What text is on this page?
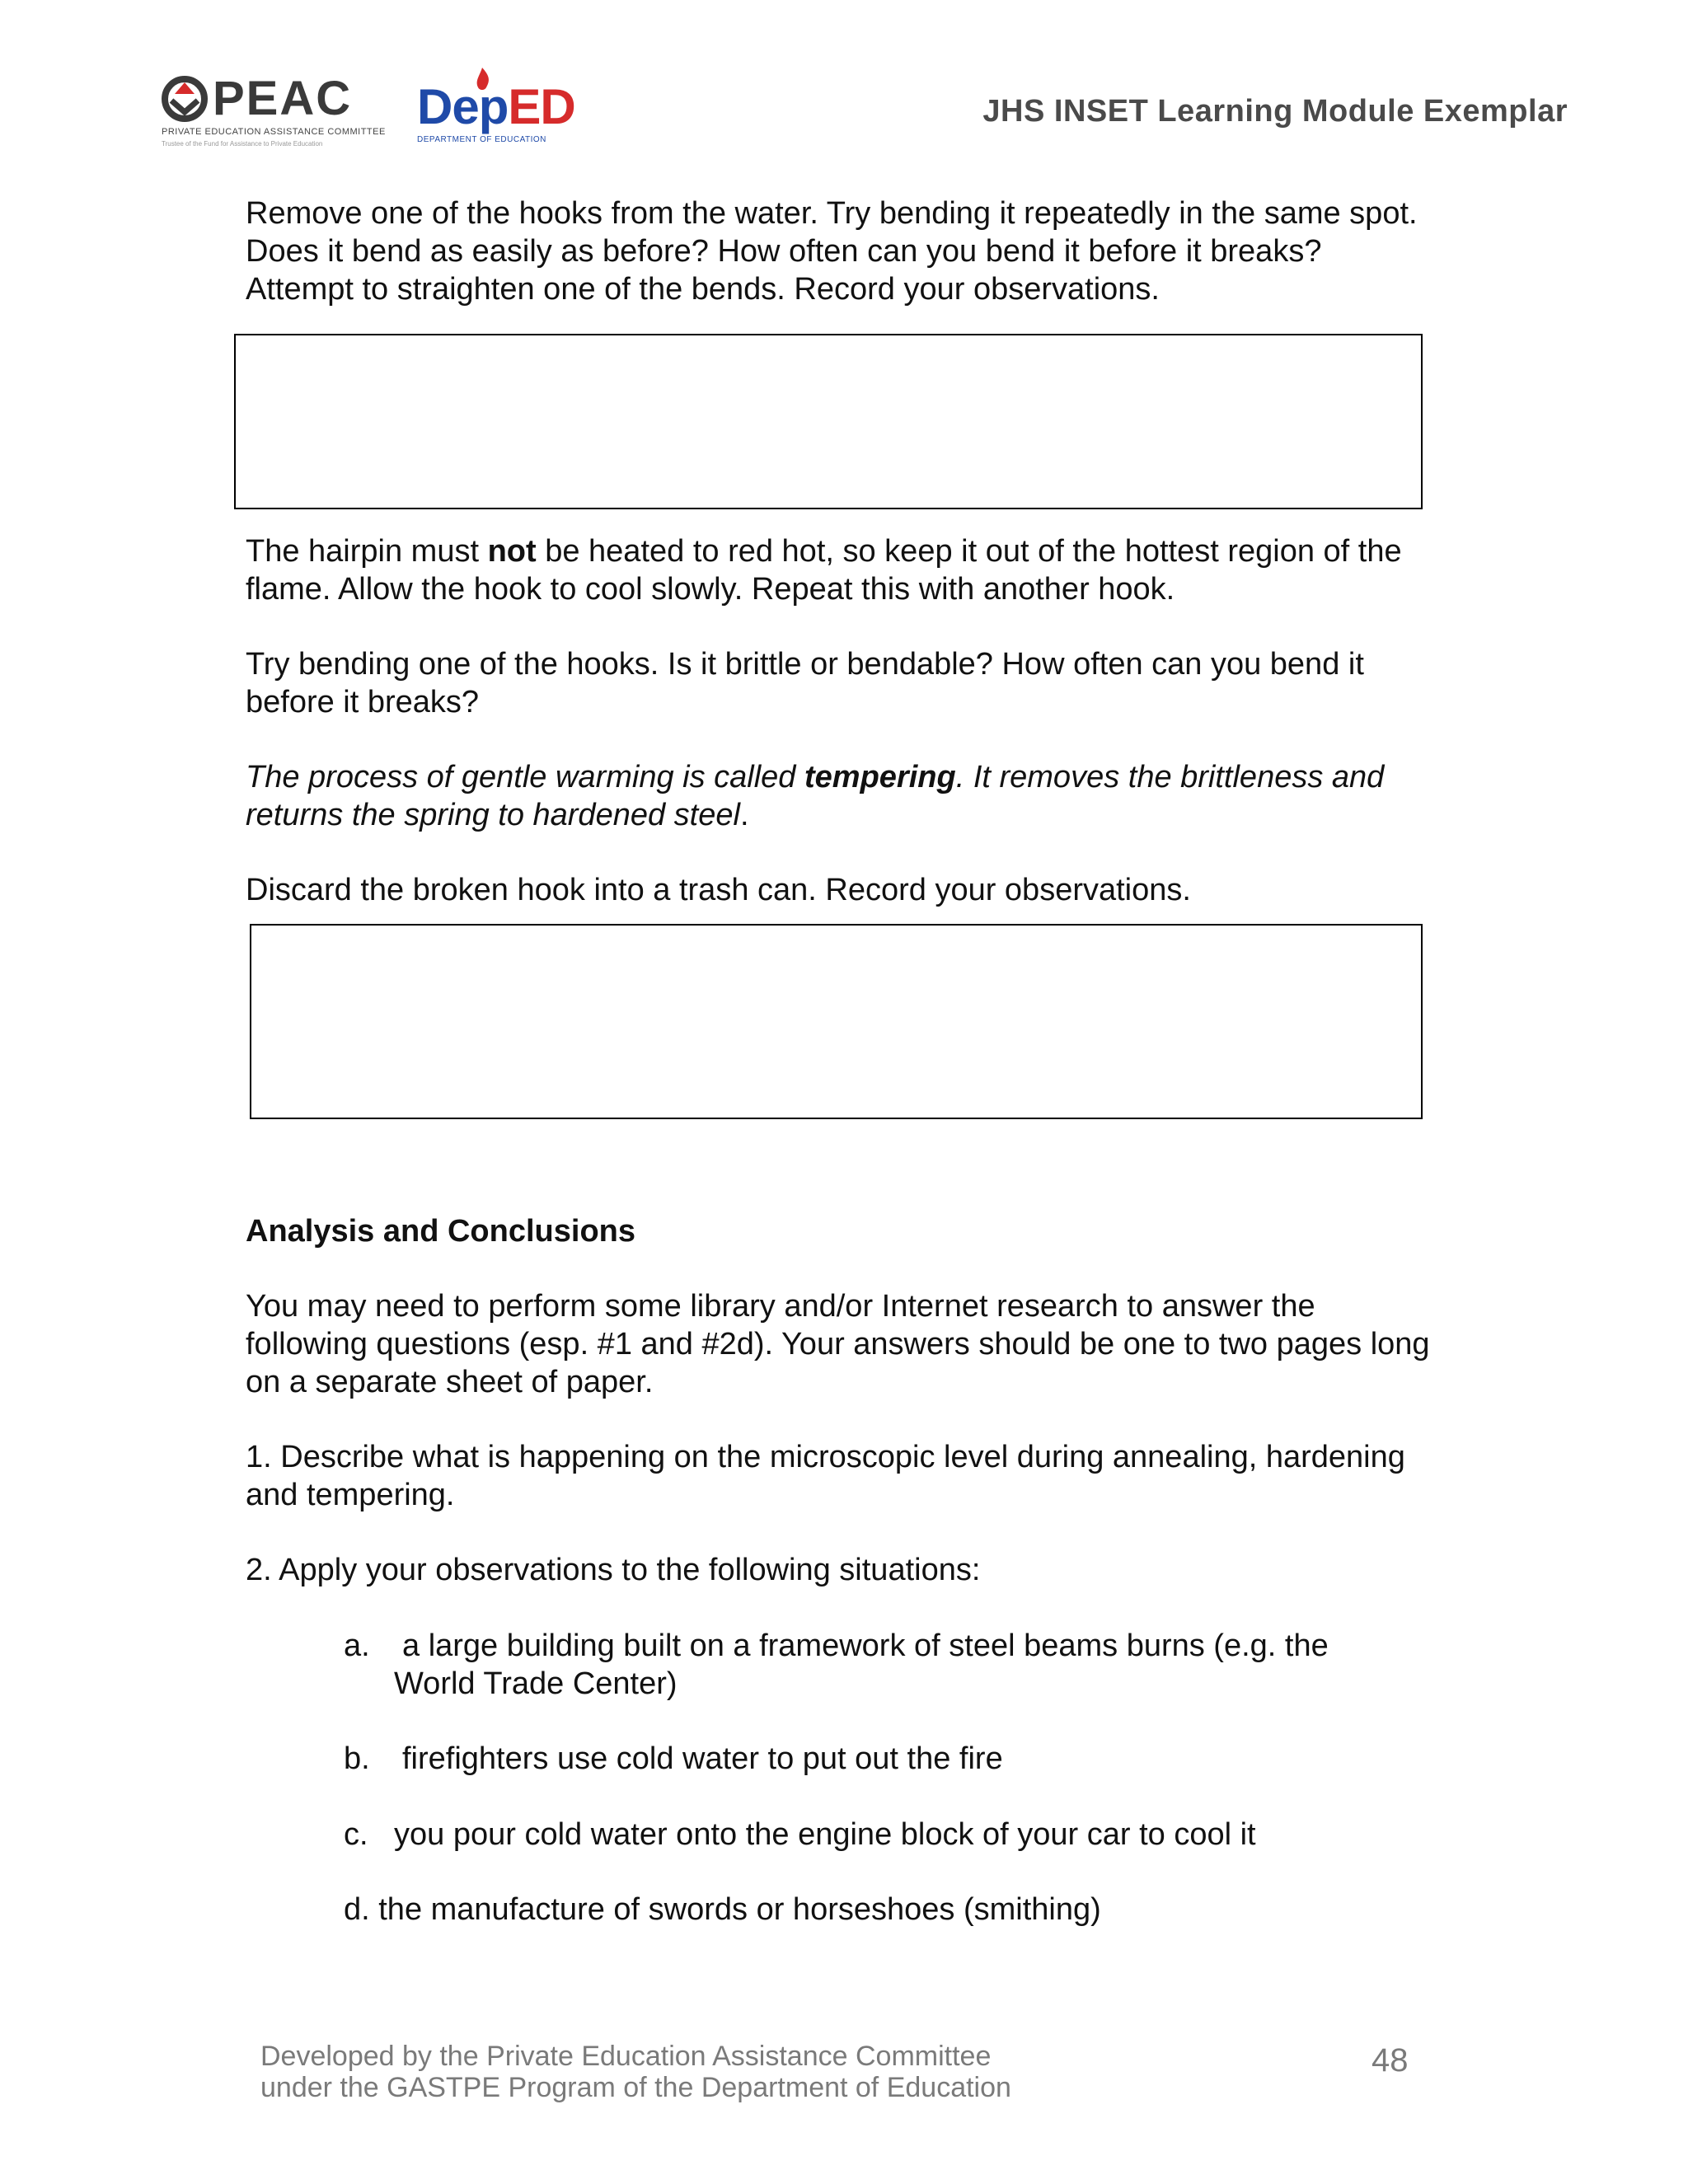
PEAC
PRIVATE EDUCATION ASSISTANCE COMMITTEE
Trustee of the Fund for Assistance to Private Education
DepED
DEPARTMENT OF EDUCATION
JHS INSET Learning Module Exemplar

Remove one of the hooks from the water. Try bending it repeatedly in the same spot. Does it bend as easily as before? How often can you bend it before it breaks? Attempt to straighten one of the bends. Record your observations.

The hairpin must not be heated to red hot, so keep it out of the hottest region of the flame. Allow the hook to cool slowly. Repeat this with another hook.

Try bending one of the hooks. Is it brittle or bendable? How often can you bend it before it breaks?

The process of gentle warming is called tempering. It removes the brittleness and returns the spring to hardened steel.

Discard the broken hook into a trash can. Record your observations.

Analysis and Conclusions

You may need to perform some library and/or Internet research to answer the following questions (esp. #1 and #2d). Your answers should be one to two pages long on a separate sheet of paper.

1. Describe what is happening on the microscopic level during annealing, hardening and tempering.

2. Apply your observations to the following situations:

a. a large building built on a framework of steel beams burns (e.g. the
World Trade Center)
b. firefighters use cold water to put out the fire
c. you pour cold water onto the engine block of your car to cool it
d. the manufacture of swords or horseshoes (smithing)
Developed by the Private Education Assistance Committee
under the GASTPE Program of the Department of Education
48
